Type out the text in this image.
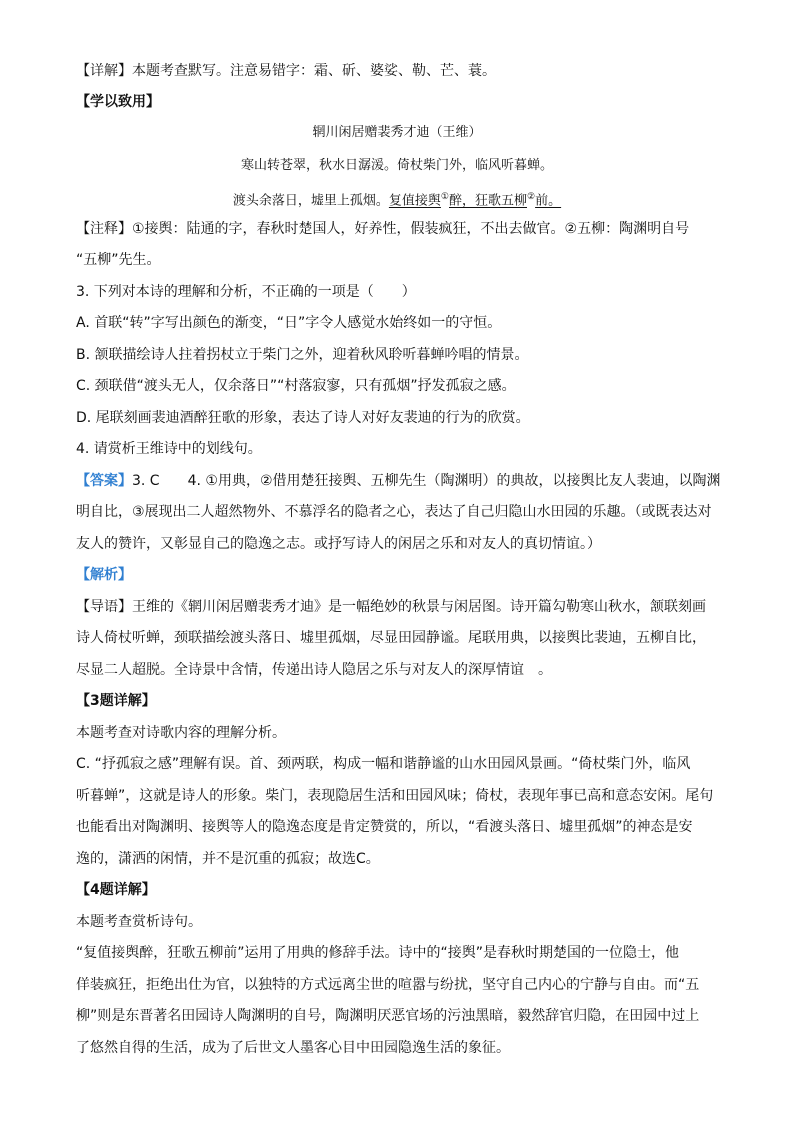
【详解】本题考查默写。注意易错字：霜、斫、婆娑、勒、芒、蓑。
【学以致用】
辋川闲居赠裴秀才迪（王维）
寒山转苍翠，秋水日潺湲。倚杖柴门外，临风听暮蝉。
渡头余落日，墟里上孤烟。复值接舆①醉，狂歌五柳②前。
【注释】①接舆：陆通的字，春秋时楚国人，好养性，假装疯狂，不出去做官。②五柳：陶渊明自号
“五柳”先生。
3. 下列对本诗的理解和分析，不正确的一项是（　　）
A. 首联“转”字写出颜色的渐变，“日”字令人感觉水始终如一的守恒。
B. 颔联描绘诗人拄着拐杖立于柴门之外，迎着秋风聆听暮蝉吟唱的情景。
C. 颈联借“渡头无人，仅余落日”“村落寂寥，只有孤烟”抒发孤寂之感。
D. 尾联刻画裴迪酒醉狂歌的形象，表达了诗人对好友裴迪的行为的欣赏。
4. 请赏析王维诗中的划线句。
【答案】3. C　　4. ①用典，②借用楚狂接舆、五柳先生（陶渊明）的典故，以接舆比友人裴迪，以陶渊
明自比，③展现出二人超然物外、不慕浮名的隐者之心，表达了自己归隐山水田园的乐趣。（或既表达对
友人的赞许，又彰显自己的隐逸之志。或抒写诗人的闲居之乐和对友人的真切情谊。）
【解析】
【导语】王维的《辋川闲居赠裴秀才迪》是一幅绝妙的秋景与闲居图。诗开篇勾勒寒山秋水，颔联刻画
诗人倚杖听蝉，颈联描绘渡头落日、墟里孤烟，尽显田园静谧。尾联用典，以接舆比裴迪，五柳自比，
尽显二人超脱。全诗景中含情，传递出诗人隐居之乐与对友人的深厚情谊　。
【3题详解】
本题考查对诗歌内容的理解分析。
C. “抒孤寂之感”理解有误。首、颈两联，构成一幅和谐静谧的山水田园风景画。“倚杖柴门外，临风
听暮蝉”，这就是诗人的形象。柴门，表现隐居生活和田园风味；倚杖，表现年事已高和意态安闲。尾句
也能看出对陶渊明、接舆等人的隐逸态度是肯定赞赏的，所以，“看渡头落日、墟里孤烟”的神态是安
逸的，潇洒的闲情，并不是沉重的孤寂；故选C。
【4题详解】
本题考查赏析诗句。
“复值接舆醉，狂歌五柳前”运用了用典的修辞手法。诗中的“接舆”是春秋时期楚国的一位隐士，他
佯装疯狂，拒绝出仕为官，以独特的方式远离尘世的喧嚣与纷扰，坚守自己内心的宁静与自由。而“五
柳”则是东晋著名田园诗人陶渊明的自号，陶渊明厌恶官场的污浊黑暗，毅然辞官归隐，在田园中过上
了悠然自得的生活，成为了后世文人墨客心目中田园隐逸生活的象征。
